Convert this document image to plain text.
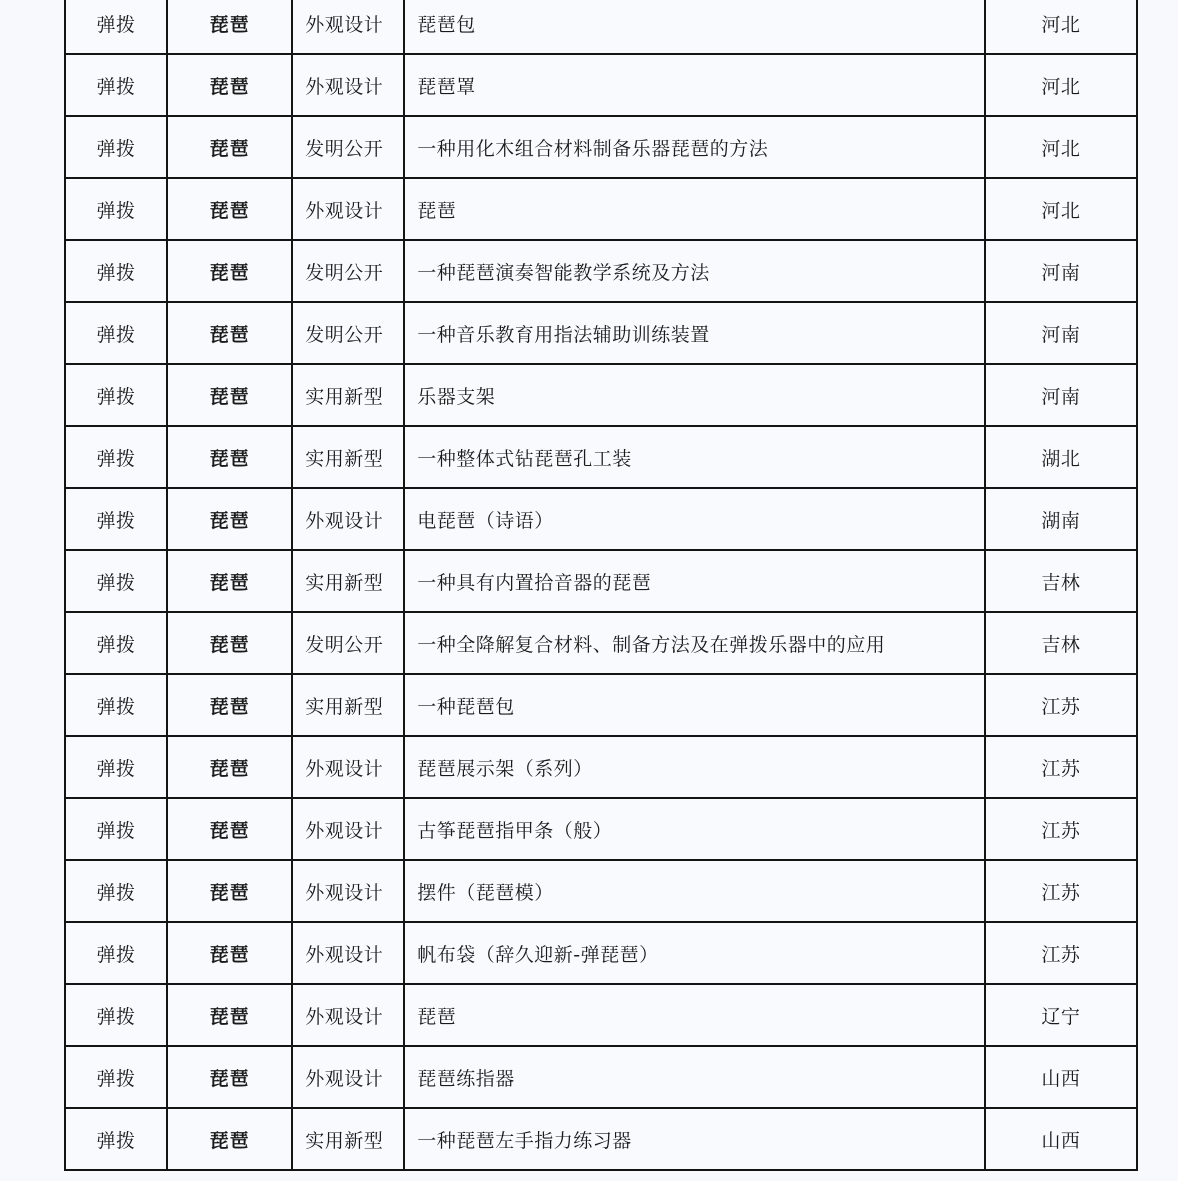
弹拨	琵琶	外观设计	琵琶包	河北
弹拨	琵琶	外观设计	琵琶罩	河北
弹拨	琵琶	发明公开	一种用化木组合材料制备乐器琵琶的方法	河北
弹拨	琵琶	外观设计	琵琶	河北
弹拨	琵琶	发明公开	一种琵琶演奏智能教学系统及方法	河南
弹拨	琵琶	发明公开	一种音乐教育用指法辅助训练装置	河南
弹拨	琵琶	实用新型	乐器支架	河南
弹拨	琵琶	实用新型	一种整体式钻琵琶孔工装	湖北
弹拨	琵琶	外观设计	电琵琶（诗语）	湖南
弹拨	琵琶	实用新型	一种具有内置拾音器的琵琶	吉林
弹拨	琵琶	发明公开	一种全降解复合材料、制备方法及在弹拨乐器中的应用	吉林
弹拨	琵琶	实用新型	一种琵琶包	江苏
弹拨	琵琶	外观设计	琵琶展示架（系列）	江苏
弹拨	琵琶	外观设计	古筝琵琶指甲条（般）	江苏
弹拨	琵琶	外观设计	摆件（琵琶模）	江苏
弹拨	琵琶	外观设计	帆布袋（辞久迎新-弹琵琶）	江苏
弹拨	琵琶	外观设计	琵琶	辽宁
弹拨	琵琶	外观设计	琵琶练指器	山西
弹拨	琵琶	实用新型	一种琵琶左手指力练习器	山西
